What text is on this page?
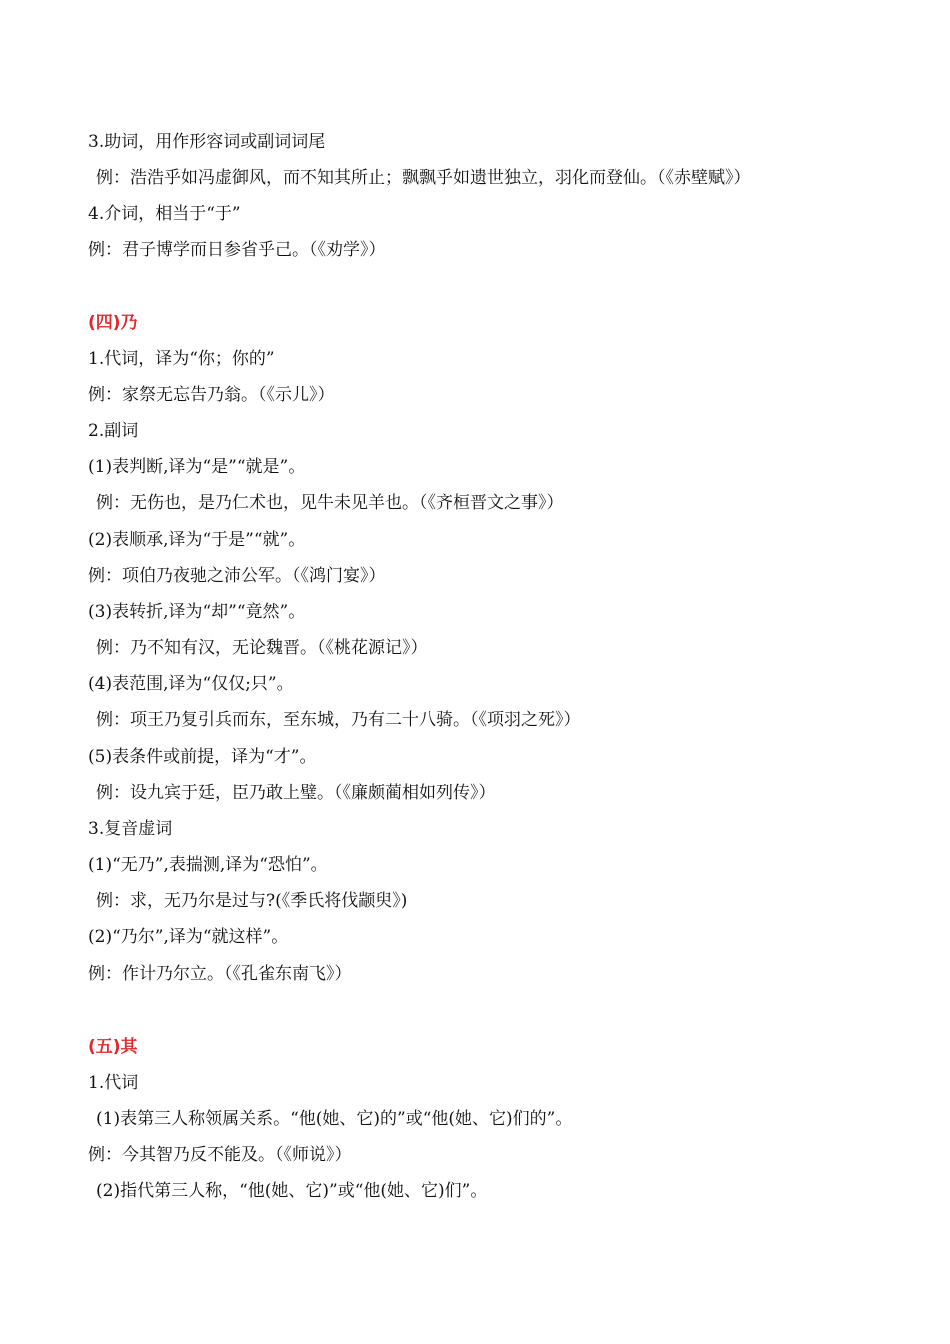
3.助词，用作形容词或副词词尾
例：浩浩乎如冯虚御风，而不知其所止；飘飘乎如遗世独立，羽化而登仙。（《赤壁赋》）
4.介词，相当于“于”
例：君子博学而日参省乎己。（《劝学》）
(四)乃
1.代词，译为“你；你的”
例：家祭无忘告乃翁。（《示儿》）
2.副词
(1)表判断,译为“是”“就是”。
例：无伤也，是乃仁术也，见牛未见羊也。（《齐桓晋文之事》）
(2)表顺承,译为“于是”“就”。
例：项伯乃夜驰之沛公军。（《鸿门宴》）
(3)表转折,译为“却”“竟然”。
例：乃不知有汉，无论魏晋。（《桃花源记》）
(4)表范围,译为“仅仅;只”。
例：项王乃复引兵而东，至东城，乃有二十八骑。（《项羽之死》）
(5)表条件或前提，译为“才”。
例：设九宾于廷，臣乃敢上璧。（《廉颇蔺相如列传》）
3.复音虚词
(1)“无乃”,表揣测,译为“恐怕”。
例：求，无乃尔是过与?(《季氏将伐颛臾》)
(2)“乃尔”,译为“就这样”。
例：作计乃尔立。（《孔雀东南飞》）
(五)其
1.代词
(1)表第三人称领属关系。“他(她、它)的”或“他(她、它)们的”。
例：今其智乃反不能及。（《师说》）
(2)指代第三人称，“他(她、它)”或“他(她、它)们”。
